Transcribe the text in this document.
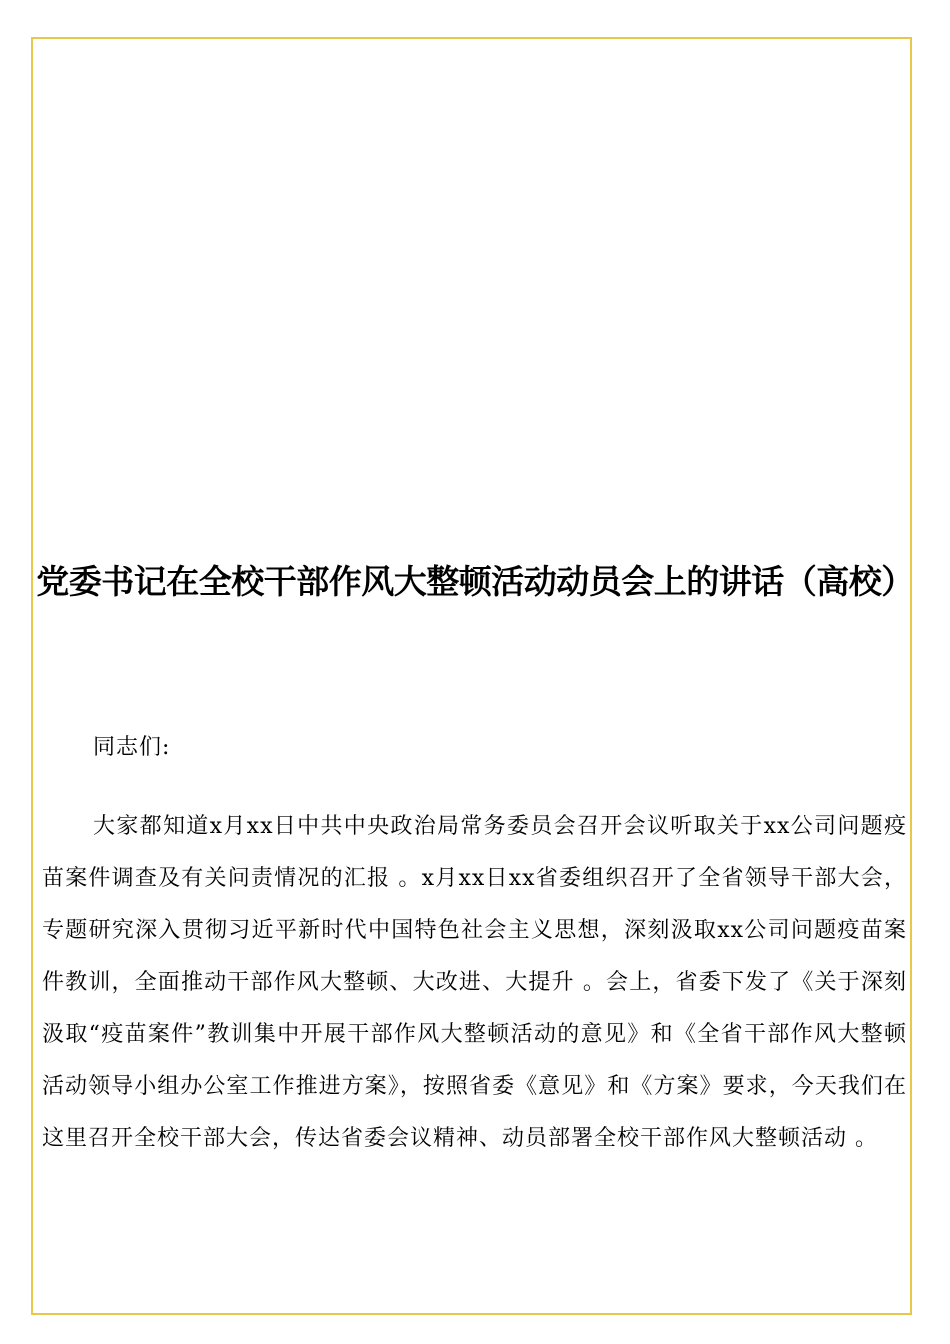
党委书记在全校干部作风大整顿活动动员会上的讲话（高校）

同志们:

大家都知道x月xx日中共中央政治局常务委员会召开会议听取关于xx公司问题疫苗案件调查及有关问责情况的汇报 。x月xx日xx省委组织召开了全省领导干部大会，专题研究深入贯彻习近平新时代中国特色社会主义思想，深刻汲取xx公司问题疫苗案件教训，全面推动干部作风大整顿、大改进、大提升 。会上，省委下发了《关于深刻汲取“疫苗案件”教训集中开展干部作风大整顿活动的意见》和《全省干部作风大整顿活动领导小组办公室工作推进方案》，按照省委《意见》和《方案》要求，今天我们在这里召开全校干部大会，传达省委会议精神、动员部署全校干部作风大整顿活动 。
